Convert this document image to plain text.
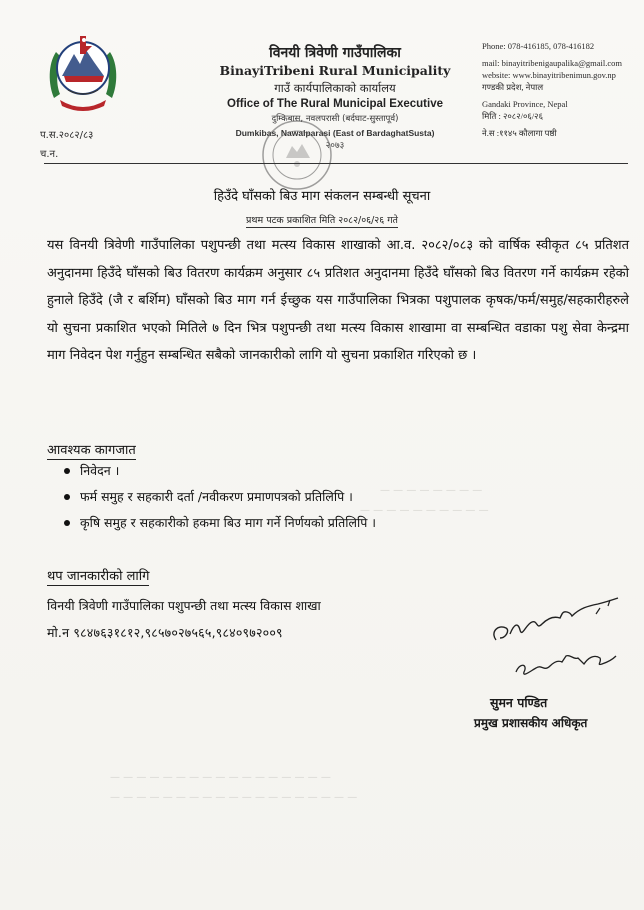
प.स.२०८२/८३
च.न.
विनयी त्रिवेणी गाउँपालिका
BinayiTribeni Rural Municipality
गाउँ कार्यपालिकाको कार्यालय
Office of The Rural Municipal Executive
दुम्किबास, नवलपरासी (बर्दघाट-सुस्तापूर्व)
Dumkibas, Nawalparasi (East of BardaghatSusta)
२०७३
Phone: 078-416185, 078-416182
mail: binayitribenigaupalika@gmail.com
website: www.binayitribenimun.gov.np
गण्डकी प्रदेश, नेपाल
Gandaki Province, Nepal
मिति : २०८२/०६/२६
ने.स :११४५ कौलागा पष्ठी
हिउँदे घाँसको बिउ माग संकलन सम्बन्धी सूचना
प्रथम पटक प्रकाशित मिति २०८२/०६/२६ गते
यस विनयी त्रिवेणी गाउँपालिका पशुपन्छी तथा मत्स्य विकास शाखाको आ.व. २०८२/०८३ को वार्षिक स्वीकृत ८५ प्रतिशत अनुदानमा हिउँदे घाँसको बिउ वितरण कार्यक्रम अनुसार ८५ प्रतिशत अनुदानमा हिउँदे घाँसको बिउ वितरण गर्ने कार्यक्रम रहेको हुनाले हिउँदे (जै र बर्शिम) घाँसको बिउ माग गर्न ईच्छुक यस गाउँपालिका भित्रका पशुपालक कृषक/फर्म/समुह/सहकारीहरुले यो सुचना प्रकाशित भएको मितिले ७ दिन भित्र पशुपन्छी तथा मत्स्य विकास शाखामा वा सम्बन्धित वडाका पशु सेवा केन्द्रमा माग निवेदन पेश गर्नुहुन सम्बन्धित सबैको जानकारीको लागि यो सुचना प्रकाशित गरिएको छ ।
आवश्यक कागजात
निवेदन ।
फर्म समुह र सहकारी दर्ता /नवीकरण प्रमाणपत्रको प्रतिलिपि ।
कृषि समुह र सहकारीको हकमा बिउ माग गर्ने निर्णयको प्रतिलिपि ।
थप जानकारीको लागि
विनयी त्रिवेणी गाउँपालिका पशुपन्छी तथा मत्स्य विकास शाखा
मो.न ९८४७६३१८१२,९८५७०२७५६५,९८४०९७२००९
सुमन पण्डित
प्रमुख प्रशासकीय अधिकृत
— — — — — — — —
— — — — — — — — — —
— — — — — — — — — — — — — — — — —
— — — — — — — — — — — — — — — — — — —
